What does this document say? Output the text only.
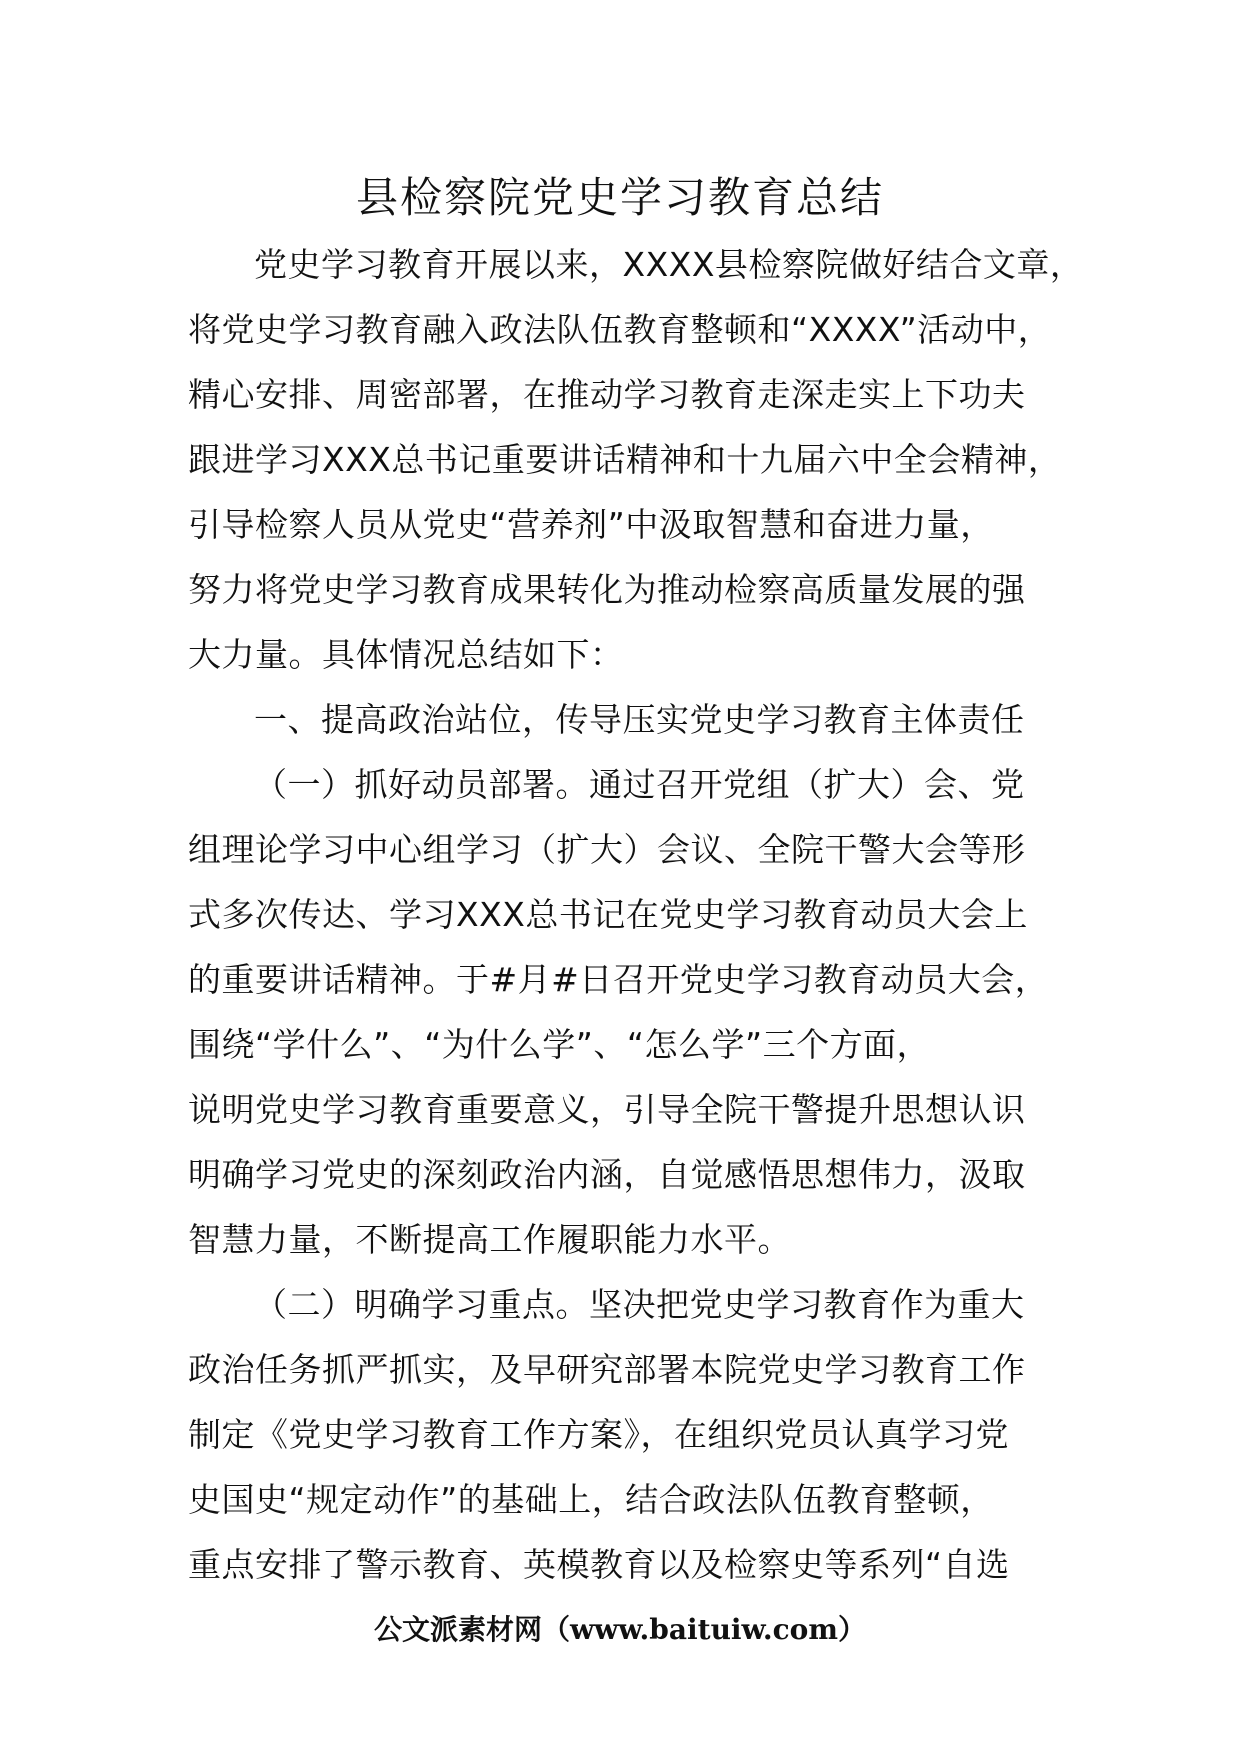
县检察院党史学习教育总结
党史学习教育开展以来，XXXX县检察院做好结合文章，
将党史学习教育融入政法队伍教育整顿和“XXXX”活动中，
精心安排、周密部署，在推动学习教育走深走实上下功夫
跟进学习XXX总书记重要讲话精神和十九届六中全会精神，
引导检察人员从党史“营养剂”中汲取智慧和奋进力量，
努力将党史学习教育成果转化为推动检察高质量发展的强
大力量。具体情况总结如下：
一、提高政治站位，传导压实党史学习教育主体责任
（一）抓好动员部署。通过召开党组（扩大）会、党
组理论学习中心组学习（扩大）会议、全院干警大会等形
式多次传达、学习XXX总书记在党史学习教育动员大会上
的重要讲话精神。于#月#日召开党史学习教育动员大会，
围绕“学什么”、“为什么学”、“怎么学”三个方面，
说明党史学习教育重要意义，引导全院干警提升思想认识
明确学习党史的深刻政治内涵，自觉感悟思想伟力，汲取
智慧力量，不断提高工作履职能力水平。
（二）明确学习重点。坚决把党史学习教育作为重大
政治任务抓严抓实，及早研究部署本院党史学习教育工作
制定《党史学习教育工作方案》，在组织党员认真学习党
史国史“规定动作”的基础上，结合政法队伍教育整顿，
重点安排了警示教育、英模教育以及检察史等系列“自选
公文派素材网（www.baituiw.com）
